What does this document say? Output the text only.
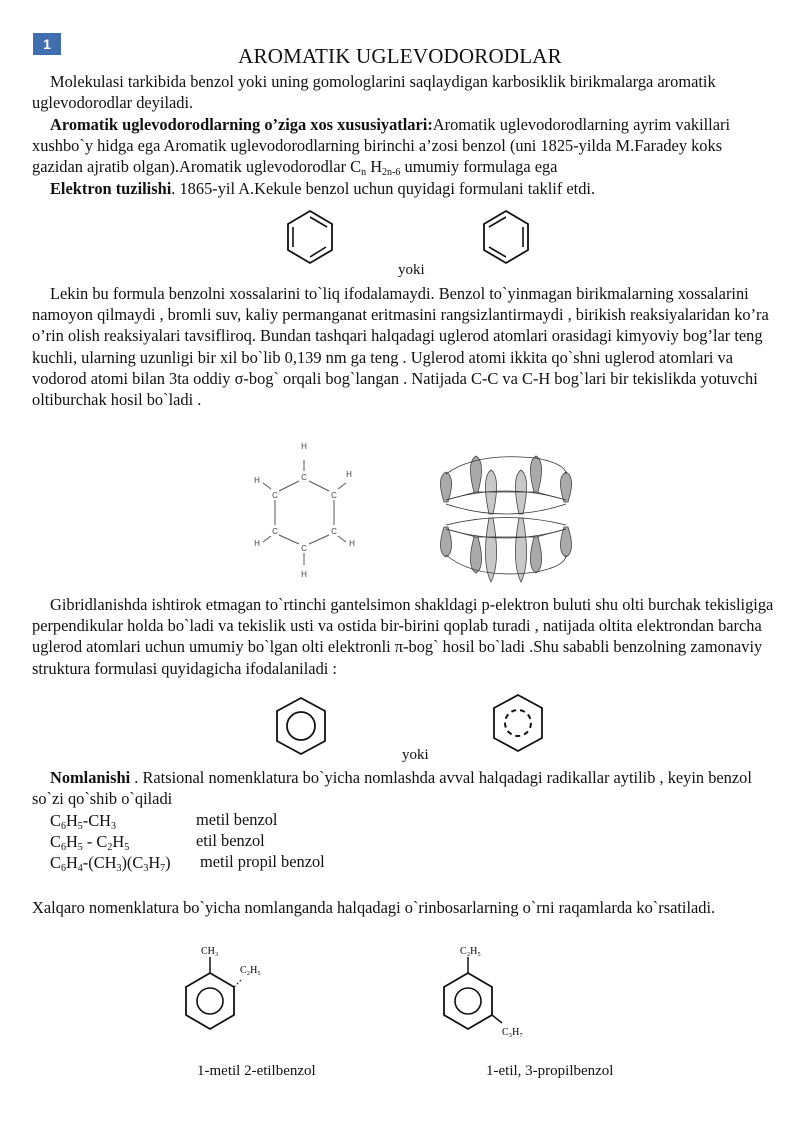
1	AROMATIK UGLEVODORODLAR

Molekulasi tarkibida benzol yoki uning gomologlarini saqlaydigan karbosiklik birikmalarga aromatik uglevodorodlar deyiladi.

Aromatik uglevodorodlarning o’ziga xos xususiyatlari:Aromatik uglevodorodlarning ayrim vakillari xushbo`y hidga ega Aromatik uglevodorodlarning birinchi a’zosi benzol (uni 1825-yilda M.Faradey koks gazidan ajratib olgan).Aromatik uglevodorodlar $C_n$ $H_{2n-6}$ umumiy formulaga ega

Elektron tuzilishi. 1865-yil A.Kekule benzol uchun quyidagi formulani taklif etdi.

yoki

Lekin bu formula benzolni xossalarini to`liq ifodalamaydi. Benzol to`yinmagan birikmalarning xossalarini namoyon qilmaydi , bromli suv, kaliy permanganat eritmasini rangsizlantirmaydi , birikish reaksiyalaridan ko’ra o’rin olish reaksiyalari tavsifliroq. Bundan tashqari halqadagi uglerod atomlari orasidagi kimyoviy bog’lar teng kuchli, ularning uzunligi bir xil bo`lib 0,139 nm ga teng . Uglerod atomi ikkita qo`shni uglerod atomlari va vodorod atomi bilan 3ta oddiy σ-bog` orqali bog`langan . Natijada C-C va C-H bog`lari bir tekislikda yotuvchi oltiburchak hosil bo`ladi .

H
C
C
H
C
H
C
H
C
H
C
H

Gibridlanishda ishtirok etmagan to`rtinchi gantelsimon shakldagi p-elektron buluti shu olti burchak tekisligiga perpendikular holda bo`ladi va tekislik usti va ostida bir-birini qoplab turadi , natijada oltita elektrondan barcha uglerod atomlari uchun umumiy bo`lgan olti elektronli π-bog` hosil bo`ladi .Shu sababli benzolning zamonaviy struktura formulasi quyidagicha ifodalaniladi :

yoki

Nomlanishi . Ratsional nomenklatura bo`yicha nomlashda avval halqadagi radikallar aytilib , keyin benzol so`zi qo`shib o`qiladi

$C_6H_5-CH_3$	metil benzol
$C_6H_5 - C_2H_5$	etil benzol
$C_6H_4-(CH_3)(C_3H_7)$ metil propil benzol

Xalqaro nomenklatura bo`yicha nomlanganda halqadagi o`rinbosarlarning o`rni raqamlarda ko`rsatiladi.

CH₃
C₂H₅
1-metil 2-etilbenzol
C₂H₅
C₃H₇
1-etil, 3-propilbenzol
